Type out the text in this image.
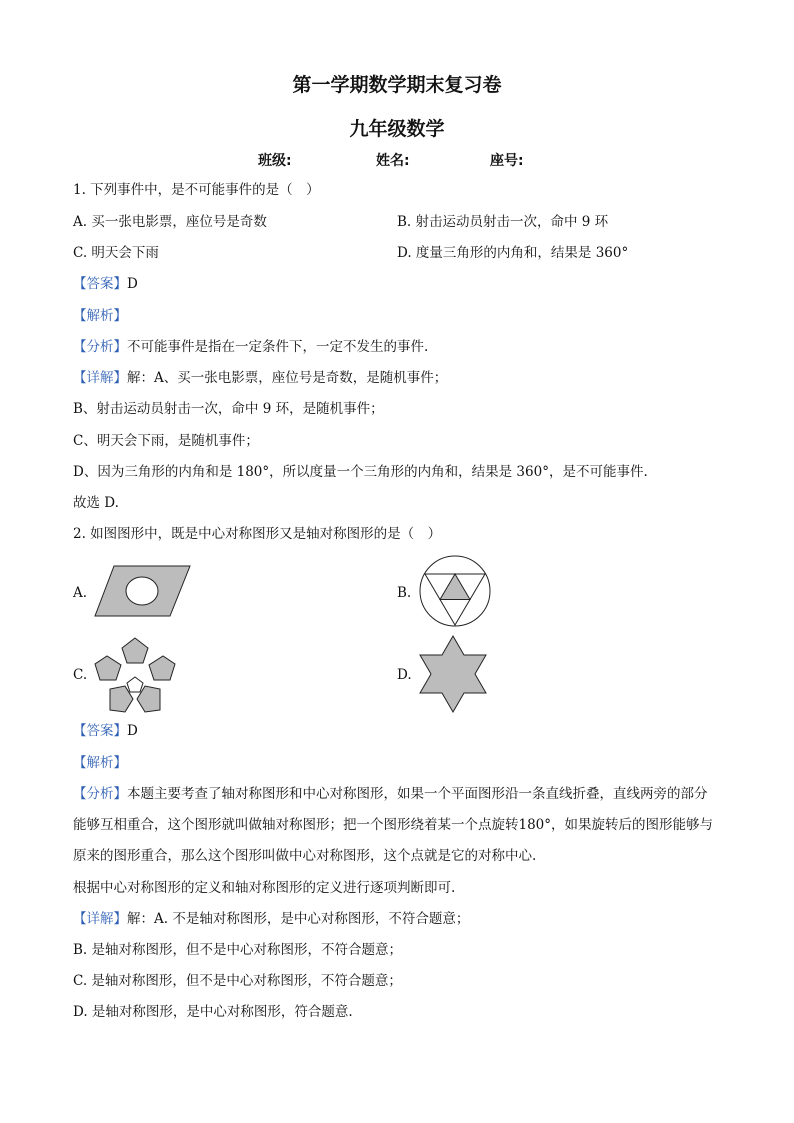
第一学期数学期末复习卷
九年级数学
班级:	姓名:	座号:
1. 下列事件中，是不可能事件的是（　）
A. 买一张电影票，座位号是奇数	B. 射击运动员射击一次，命中 9 环
C. 明天会下雨	D. 度量三角形的内角和，结果是 360°
【答案】D
【解析】
【分析】不可能事件是指在一定条件下，一定不发生的事件.
【详解】解：A、买一张电影票，座位号是奇数，是随机事件；
B、射击运动员射击一次，命中 9 环，是随机事件；
C、明天会下雨，是随机事件；
D、因为三角形的内角和是 180°，所以度量一个三角形的内角和，结果是 360°，是不可能事件.
故选 D.
2. 如图图形中，既是中心对称图形又是轴对称图形的是（　）
A.	B.
C.	D.
【答案】D
【解析】
【分析】本题主要考查了轴对称图形和中心对称图形，如果一个平面图形沿一条直线折叠，直线两旁的部分能够互相重合，这个图形就叫做轴对称图形；把一个图形绕着某一个点旋转180°，如果旋转后的图形能够与原来的图形重合，那么这个图形叫做中心对称图形，这个点就是它的对称中心.
根据中心对称图形的定义和轴对称图形的定义进行逐项判断即可.
【详解】解：A. 不是轴对称图形，是中心对称图形，不符合题意；
B. 是轴对称图形，但不是中心对称图形，不符合题意；
C. 是轴对称图形，但不是中心对称图形，不符合题意；
D. 是轴对称图形，是中心对称图形，符合题意.
